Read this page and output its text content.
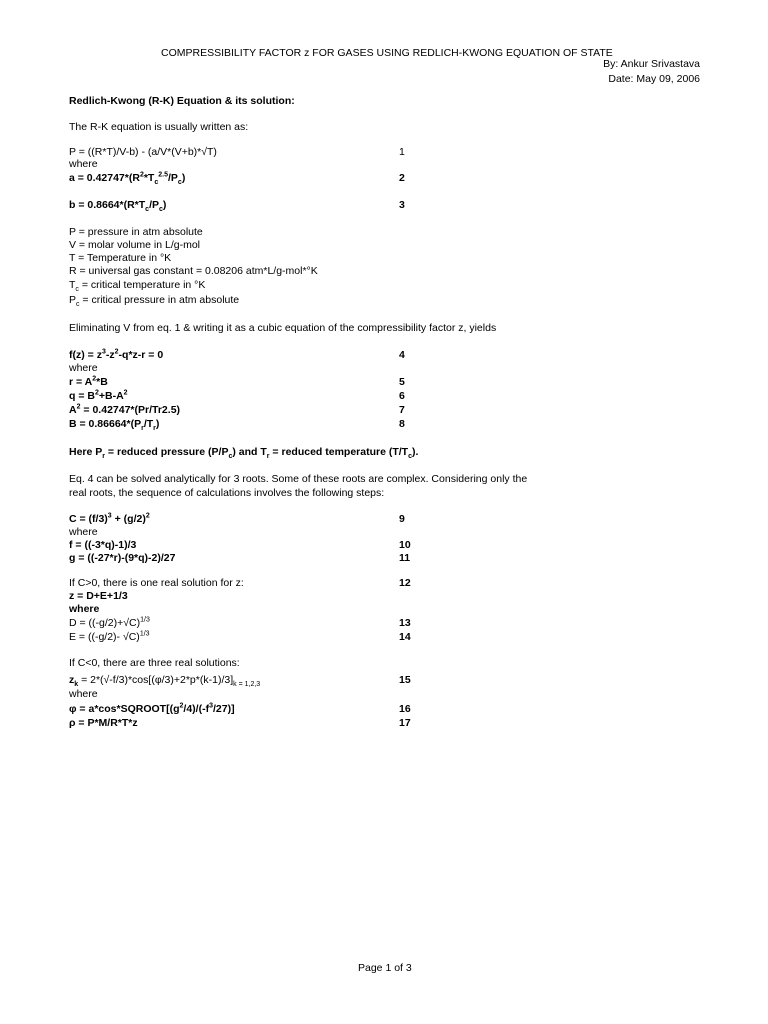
COMPRESSIBILITY FACTOR z FOR GASES USING REDLICH-KWONG EQUATION OF STATE
By: Ankur Srivastava
Date: May 09, 2006
Redlich-Kwong (R-K) Equation & its solution:
The R-K equation is usually written as:
P = ((R*T)/V-b) - (a/V*(V+b)*√T)	1
where
$a = 0.42747*(R^2*T_c^{2.5}/P_c)$	2
$b = 0.8664*(R*T_c/P_c)$	3
P = pressure in atm absolute
V = molar volume in L/g-mol
T = Temperature in °K
R = universal gas constant = 0.08206 atm*L/g-mol*°K
$T_c$ = critical temperature in °K
$P_c$ = critical pressure in atm absolute
Eliminating V from eq. 1 & writing it as a cubic equation of the compressibility factor z, yields
$f(z) = z^3-z^2-q*z-r = 0$	4
where
$r = A^2*B$	5
$q = B^2+B-A^2$	6
$A^2 = 0.42747*(Pr/Tr2.5)$	7
$B = 0.86664*(P_r/T_r)$	8
Here $P_r$ = reduced pressure $(P/P_c)$ and $T_r$ = reduced temperature $(T/T_c)$.
Eq. 4 can be solved analytically for 3 roots. Some of these roots are complex. Considering only the
real roots, the sequence of calculations involves the following steps:
$C = (f/3)^3 + (g/2)^2$	9
where
f = ((-3*q)-1)/3	10
g = ((-27*r)-(9*q)-2)/27	11
If C>0, there is one real solution for z:	12
z = D+E+1/3
where
$D = ((-g/2)+√C)^{1/3}$	13
E = ((-g/2)- √C)$^{1/3}$	14
If C<0, there are three real solutions:
$z_k = 2*(√-f/3)*\cos[(\varphi/3)+2*p*(k-1)/3]_{k = 1,2,3}$	15
where
$\varphi = a*\cos*SQROOT[(g^2/4)/(-f^3/27)]$	16
ρ = P*M/R*T*z	17
Page 1 of 3
